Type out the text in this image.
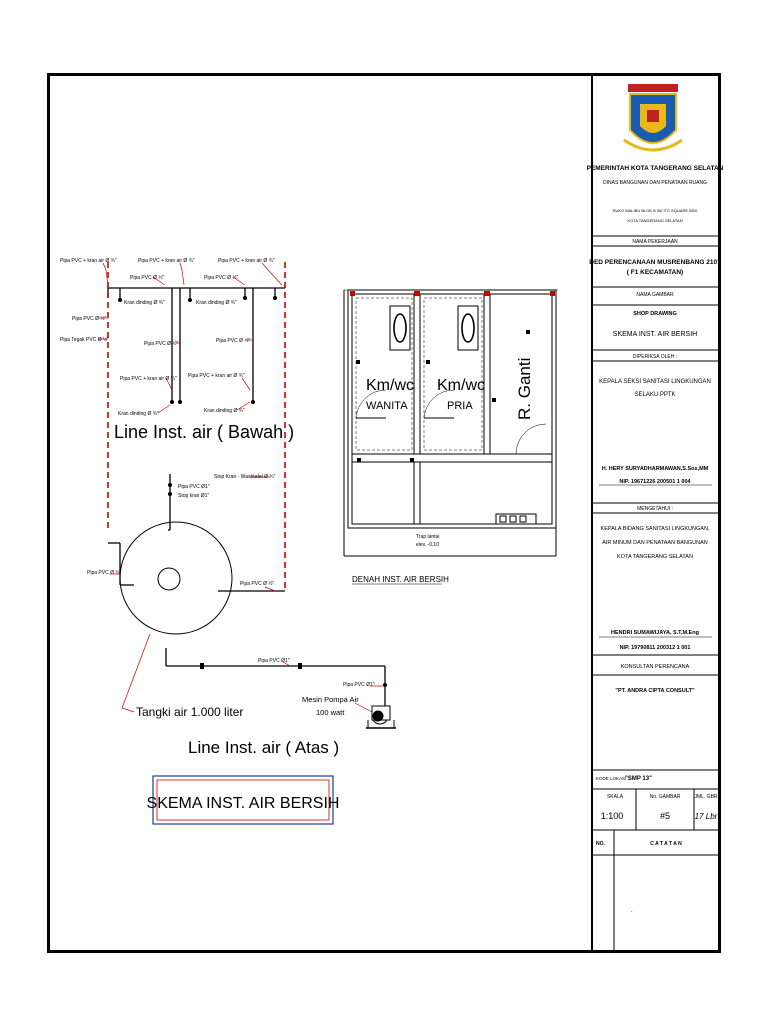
Pipa PVC + kran air Ø ¾"	Pipa PVC + kran air Ø ¾"	Pipa PVC + kran air Ø ¾"
Pipa PVC Ø ½"	Pipa PVC Ø ½"
Kran dinding Ø ¾"	Kran dinding Ø ¾"
Pipa PVC Ø ½"
Pipa Tegak PVC Ø ½"
Pipa PVC Ø ½"	Pipa PVC Ø ½"
Pipa PVC + kran air Ø ¾" Pipa PVC + kran air Ø ¾"
Kran dinding Ø ¾"	Kran dinding Ø ¾"
Line Inst. air ( Bawah )
Stop Kran - Washtafel Ø ¾"
Pipa PVC Ø1"
Stop kran Ø1"
Pipa PVC Ø ½"
Pipa PVC Ø ½"
Pipa PVC Ø1"
Pipa PVC Ø1"
Tangki air 1.000 liter
Mesin Pompa Air
100 watt
Line Inst. air ( Atas )
SKEMA INST. AIR BERSIH
Km/wc
WANITA
Km/wc
PRIA R. Ganti
Trap lantai
elev. -0,10
DENAH INST. AIR BERSIH
PEMERINTAH KOTA TANGERANG SELATAN
DINAS BANGUNAN DAN PENATAAN RUANG
RUKO MALIBU BLOK B 95/ ITC SQUARE BSD
KOTA TANGERANG SELATAN
NAMA PEKERJAAN
DED PERENCANAAN MUSRENBANG 2107
( F1 KECAMATAN)
NAMA GAMBAR
SHOP DRAWING
SKEMA INST. AIR BERSIH
DIPERIKSA OLEH :
KEPALA SEKSI SANITASI LINGKUNGAN
SELAKU PPTK
H. HERY SURYADHARMAWAN,S.Sos,MM
NIP. 19671226 200501 1 004
MENGETAHUI :
KEPALA BIDANG SANITASI LINGKUNGAN,
AIR MINUM DAN PENATAAN BANGUNAN
KOTA TANGERANG SELATAN
HENDRI SUMAWIJAYA, S.T,M.Eng
NIP. 19790811 200312 1 001
KONSULTAN PERENCANA
"PT. ANDRA CIPTA CONSULT"
KODE LOKASI :
"SMP 13"
SKALA	No. GAMBAR	JML. GBR
1:100	#5	17 Lbr
NO.	C A T A T A N
.
